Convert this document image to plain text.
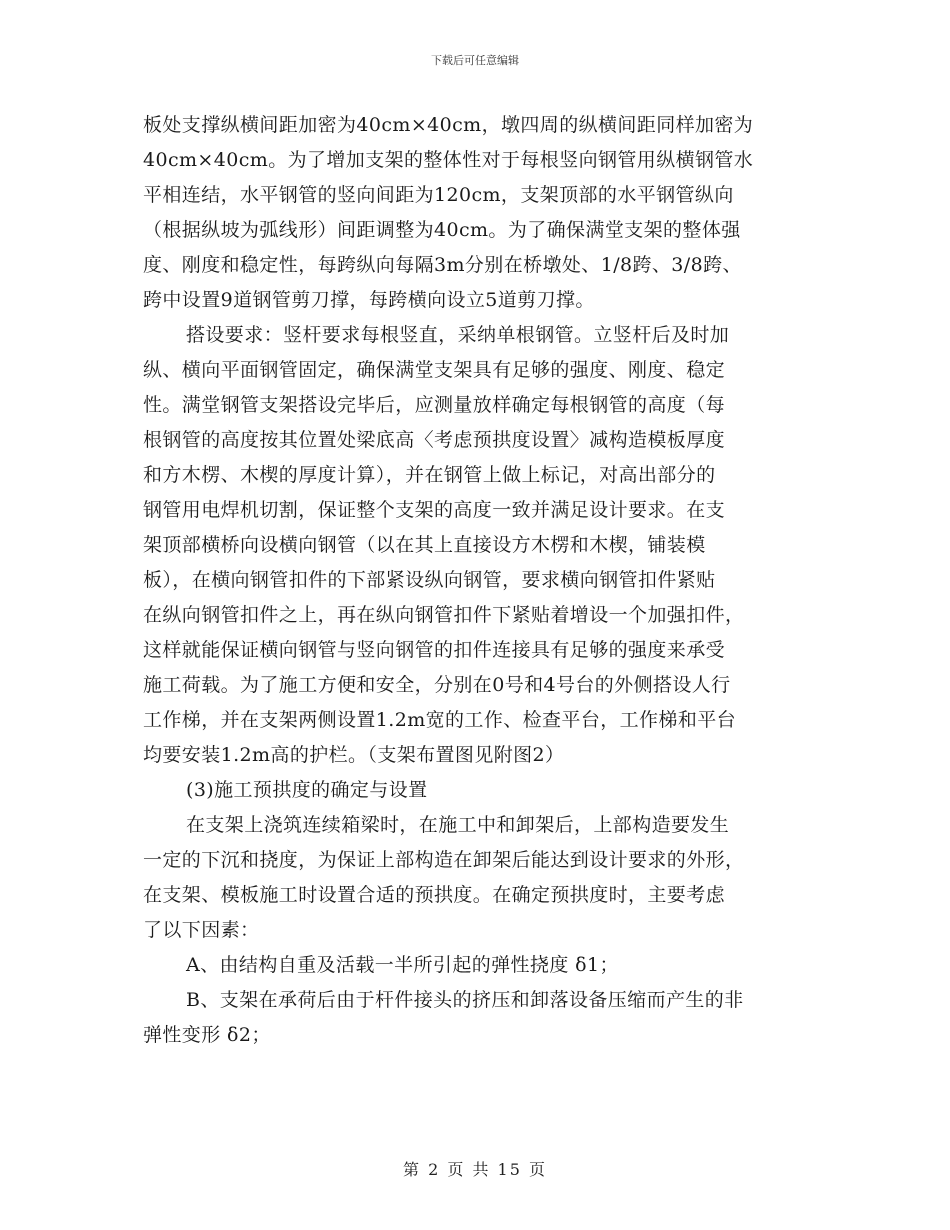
下载后可任意编辑
板处支撑纵横间距加密为40cm×40cm，墩四周的纵横间距同样加密为
40cm×40cm。为了增加支架的整体性对于每根竖向钢管用纵横钢管水
平相连结，水平钢管的竖向间距为120cm，支架顶部的水平钢管纵向
（根据纵坡为弧线形）间距调整为40cm。为了确保满堂支架的整体强
度、刚度和稳定性，每跨纵向每隔3m分别在桥墩处、1/8跨、3/8跨、
跨中设置9道钢管剪刀撑，每跨横向设立5道剪刀撑。
搭设要求：竖杆要求每根竖直，采纳单根钢管。立竖杆后及时加
纵、横向平面钢管固定，确保满堂支架具有足够的强度、刚度、稳定
性。满堂钢管支架搭设完毕后，应测量放样确定每根钢管的高度（每
根钢管的高度按其位置处梁底高〈考虑预拱度设置〉减构造模板厚度
和方木楞、木楔的厚度计算），并在钢管上做上标记，对高出部分的
钢管用电焊机切割，保证整个支架的高度一致并满足设计要求。在支
架顶部横桥向设横向钢管（以在其上直接设方木楞和木楔，铺装模
板），在横向钢管扣件的下部紧设纵向钢管，要求横向钢管扣件紧贴
在纵向钢管扣件之上，再在纵向钢管扣件下紧贴着增设一个加强扣件，
这样就能保证横向钢管与竖向钢管的扣件连接具有足够的强度来承受
施工荷载。为了施工方便和安全，分别在0号和4号台的外侧搭设人行
工作梯，并在支架两侧设置1.2m宽的工作、检查平台，工作梯和平台
均要安装1.2m高的护栏。（支架布置图见附图2）
(3)施工预拱度的确定与设置
在支架上浇筑连续箱梁时，在施工中和卸架后，上部构造要发生
一定的下沉和挠度，为保证上部构造在卸架后能达到设计要求的外形，
在支架、模板施工时设置合适的预拱度。在确定预拱度时，主要考虑
了以下因素：
A、由结构自重及活载一半所引起的弹性挠度 δ1；
B、支架在承荷后由于杆件接头的挤压和卸落设备压缩而产生的非
弹性变形 δ2；
第 2 页 共 15 页
